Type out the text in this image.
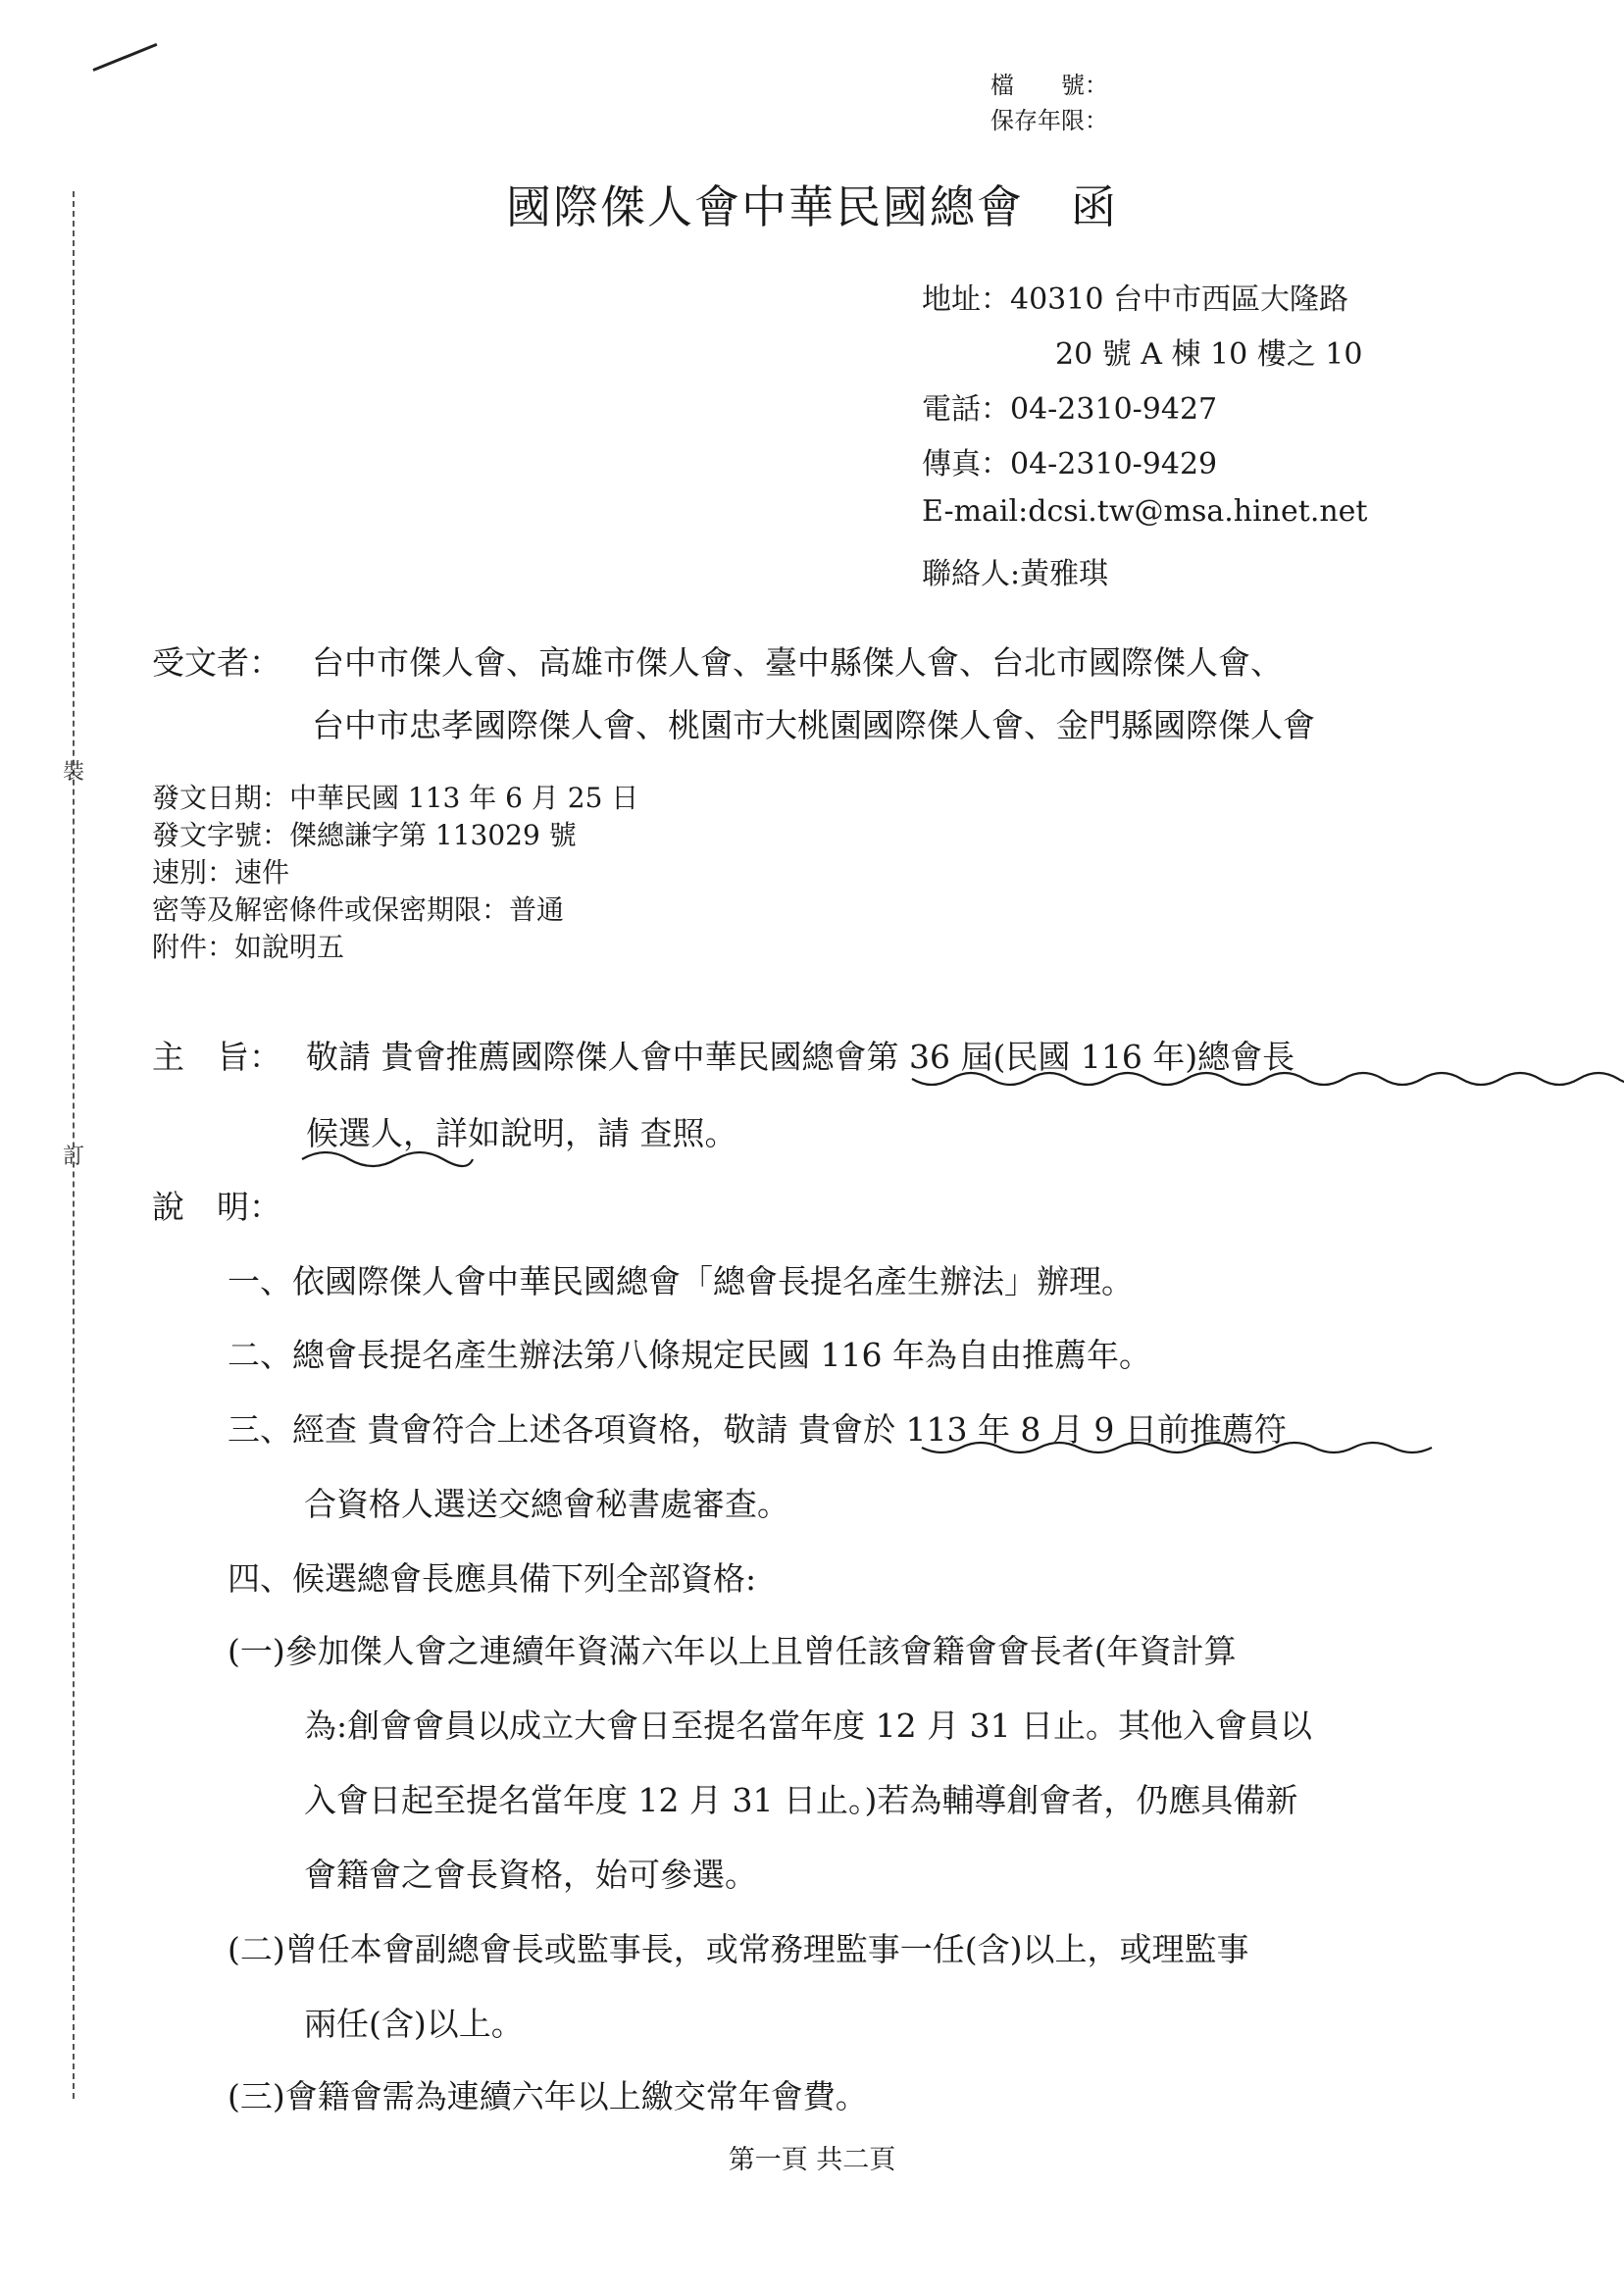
裝
訂
檔　　號：
保存年限：
國際傑人會中華民國總會　函
地址：40310 台中市西區大隆路
20 號 A 棟 10 樓之 10
電話：04-2310-9427
傳真：04-2310-9429
E-mail:dcsi.tw@msa.hinet.net
聯絡人:黃雅琪
受文者： 台中市傑人會、高雄市傑人會、臺中縣傑人會、台北市國際傑人會、
台中市忠孝國際傑人會、桃園市大桃園國際傑人會、金門縣國際傑人會
發文日期：中華民國 113 年 6 月 25 日
發文字號：傑總謙字第 113029 號
速別：速件
密等及解密條件或保密期限：普通
附件：如說明五
主　旨： 敬請 貴會推薦國際傑人會中華民國總會第 36 屆(民國 116 年)總會長
候選人，詳如說明，請 查照。
說　明：
一、依國際傑人會中華民國總會「總會長提名產生辦法」辦理。
二、總會長提名產生辦法第八條規定民國 116 年為自由推薦年。
三、經查 貴會符合上述各項資格，敬請 貴會於 113 年 8 月 9 日前推薦符
合資格人選送交總會秘書處審查。
四、候選總會長應具備下列全部資格:
(一)參加傑人會之連續年資滿六年以上且曾任該會籍會會長者(年資計算
為:創會會員以成立大會日至提名當年度 12 月 31 日止。其他入會員以
入會日起至提名當年度 12 月 31 日止。)若為輔導創會者，仍應具備新
會籍會之會長資格，始可參選。
(二)曾任本會副總會長或監事長，或常務理監事一任(含)以上，或理監事
兩任(含)以上。
(三)會籍會需為連續六年以上繳交常年會費。
第一頁 共二頁
